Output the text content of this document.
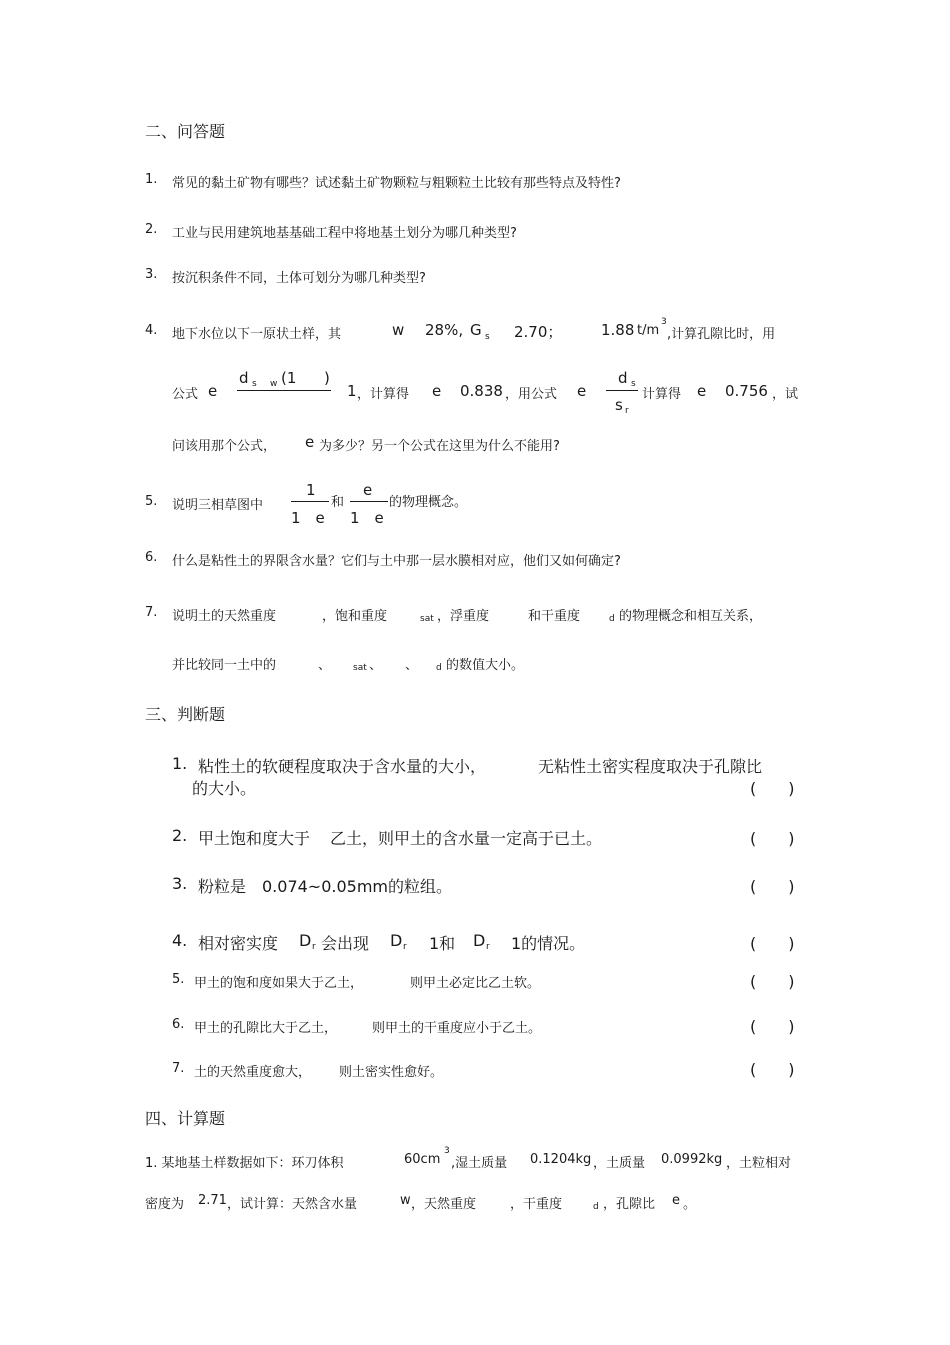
二、问答题
1. 常见的黏土矿物有哪些？试述黏土矿物颗粒与粗颗粒土比较有那些特点及特性?
2. 工业与民用建筑地基基础工程中将地基土划分为哪几种类型?
3. 按沉积条件不同，土体可划分为哪几种类型?
4. 地下水位以下一原状土样，其	w 28%, G s 2.70；	1.88 t/m
3
,计算孔隙比时，用
公式 e
d s w (1 )
1 ，计算得 e 0.838 ，用公式 e
d s
s r
计算得 e 0.756 ，试
问该用那个公式， e 为多少？另一个公式在这里为什么不能用?
5. 说明三相草图中
1
1　e
和
e
1　e
的物理概念。
6. 什么是粘性土的界限含水量？它们与土中那一层水膜相对应，他们又如何确定?
7. 说明土的天然重度	，饱和重度	sat ，浮重度	和干重度	d 的物理概念和相互关系，
并比较同一土中的	、 sat 、 、 d 的数值大小。
三、判断题
1. 粘性土的软硬程度取决于含水量的大小，	无粘性土密实程度取决于孔隙比
的大小。	(　　)
2. 甲土饱和度大于 乙土，则甲土的含水量一定高于已土。	(　　)
3. 粉粒是 0.074~0.05mm的粒组。	(　　)
4. 相对密实度 D r 会出现 D r 1和 D r 1的情况。	(　　)
5. 甲土的饱和度如果大于乙土，	则甲土必定比乙土软。	(　　)
6. 甲土的孔隙比大于乙土，	则甲土的干重度应小于乙土。	(　　)
7. 土的天然重度愈大， 则土密实性愈好。	(　　)
四、计算题
1. 某地基土样数据如下：环刀体积	60cm
3
,湿土质量 0.1204kg ，土质量 0.0992kg ，土粒相对
密度为 2.71 ，试计算：天然含水量	w ，天然重度	，干重度	d ，孔隙比 e 。
